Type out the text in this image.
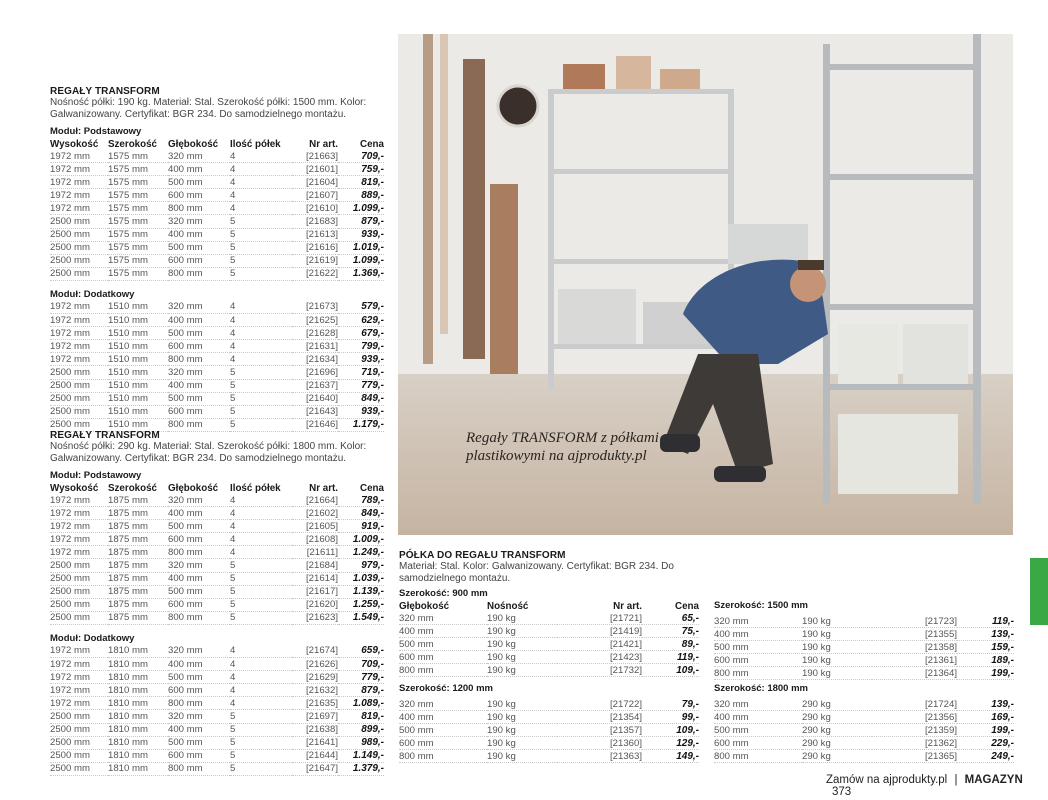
REGAŁY TRANSFORM
Nośność półki: 190 kg. Materiał: Stal. Szerokość półki: 1500 mm. Kolor: Galwanizowany. Certyfikat: BGR 234. Do samodzielnego montażu.
Moduł: Podstawowy
Wysokość	Szerokość	Głębokość	Ilość półek	Nr art.	Cena
1972 mm	1575 mm	320 mm	4	[21663]	709,-
1972 mm	1575 mm	400 mm	4	[21601]	759,-
1972 mm	1575 mm	500 mm	4	[21604]	819,-
1972 mm	1575 mm	600 mm	4	[21607]	889,-
1972 mm	1575 mm	800 mm	4	[21610]	1.099,-
2500 mm	1575 mm	320 mm	5	[21683]	879,-
2500 mm	1575 mm	400 mm	5	[21613]	939,-
2500 mm	1575 mm	500 mm	5	[21616]	1.019,-
2500 mm	1575 mm	600 mm	5	[21619]	1.099,-
2500 mm	1575 mm	800 mm	5	[21622]	1.369,-
Moduł: Dodatkowy
1972 mm	1510 mm	320 mm	4	[21673]	579,-
1972 mm	1510 mm	400 mm	4	[21625]	629,-
1972 mm	1510 mm	500 mm	4	[21628]	679,-
1972 mm	1510 mm	600 mm	4	[21631]	799,-
1972 mm	1510 mm	800 mm	4	[21634]	939,-
2500 mm	1510 mm	320 mm	5	[21696]	719,-
2500 mm	1510 mm	400 mm	5	[21637]	779,-
2500 mm	1510 mm	500 mm	5	[21640]	849,-
2500 mm	1510 mm	600 mm	5	[21643]	939,-
2500 mm	1510 mm	800 mm	5	[21646]	1.179,-
REGAŁY TRANSFORM
Nośność półki: 290 kg. Materiał: Stal. Szerokość półki: 1800 mm. Kolor: Galwanizowany. Certyfikat: BGR 234. Do samodzielnego montażu.
Moduł: Podstawowy
Wysokość	Szerokość	Głębokość	Ilość półek	Nr art.	Cena
1972 mm	1875 mm	320 mm	4	[21664]	789,-
1972 mm	1875 mm	400 mm	4	[21602]	849,-
1972 mm	1875 mm	500 mm	4	[21605]	919,-
1972 mm	1875 mm	600 mm	4	[21608]	1.009,-
1972 mm	1875 mm	800 mm	4	[21611]	1.249,-
2500 mm	1875 mm	320 mm	5	[21684]	979,-
2500 mm	1875 mm	400 mm	5	[21614]	1.039,-
2500 mm	1875 mm	500 mm	5	[21617]	1.139,-
2500 mm	1875 mm	600 mm	5	[21620]	1.259,-
2500 mm	1875 mm	800 mm	5	[21623]	1.549,-
Moduł: Dodatkowy
1972 mm	1810 mm	320 mm	4	[21674]	659,-
1972 mm	1810 mm	400 mm	4	[21626]	709,-
1972 mm	1810 mm	500 mm	4	[21629]	779,-
1972 mm	1810 mm	600 mm	4	[21632]	879,-
1972 mm	1810 mm	800 mm	4	[21635]	1.089,-
2500 mm	1810 mm	320 mm	5	[21697]	819,-
2500 mm	1810 mm	400 mm	5	[21638]	899,-
2500 mm	1810 mm	500 mm	5	[21641]	989,-
2500 mm	1810 mm	600 mm	5	[21644]	1.149,-
2500 mm	1810 mm	800 mm	5	[21647]	1.379,-
Regały TRANSFORM z półkami
plastikowymi na ajprodukty.pl
PÓŁKA DO REGAŁU TRANSFORM
Materiał: Stal. Kolor: Galwanizowany. Certyfikat: BGR 234. Do samodzielnego montażu.
Szerokość: 900 mm
Głębokość	Nośność	Nr art.	Cena
320 mm	190 kg	[21721]	65,-
400 mm	190 kg	[21419]	75,-
500 mm	190 kg	[21421]	89,-
600 mm	190 kg	[21423]	119,-
800 mm	190 kg	[21732]	109,-
Szerokość: 1200 mm
320 mm	190 kg	[21722]	79,-
400 mm	190 kg	[21354]	99,-
500 mm	190 kg	[21357]	109,-
600 mm	190 kg	[21360]	129,-
800 mm	190 kg	[21363]	149,-
Szerokość: 1500 mm
320 mm	190 kg	[21723]	119,-
400 mm	190 kg	[21355]	139,-
500 mm	190 kg	[21358]	159,-
600 mm	190 kg	[21361]	189,-
800 mm	190 kg	[21364]	199,-
Szerokość: 1800 mm
320 mm	290 kg	[21724]	139,-
400 mm	290 kg	[21356]	169,-
500 mm	290 kg	[21359]	199,-
600 mm	290 kg	[21362]	229,-
800 mm	290 kg	[21365]	249,-
Zamów na ajprodukty.pl | MAGAZYN 373
